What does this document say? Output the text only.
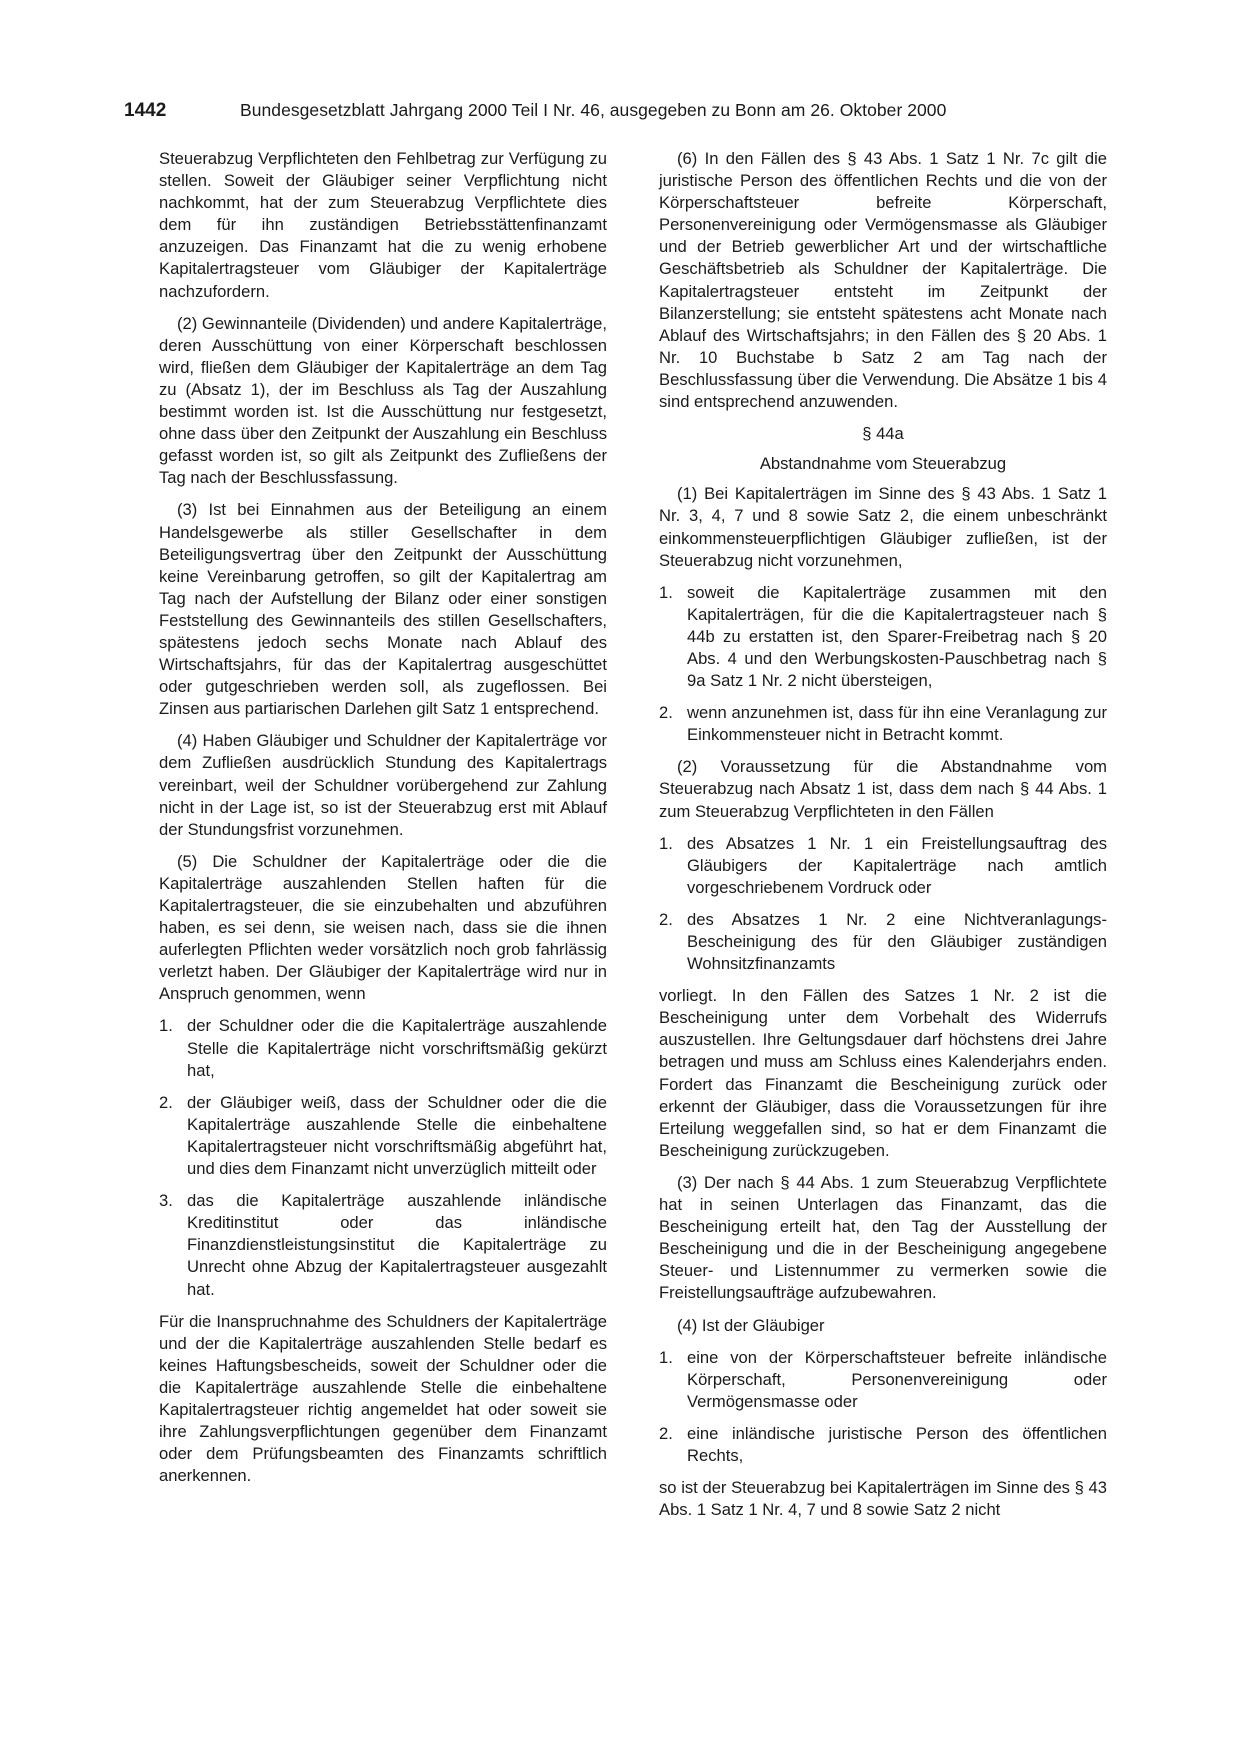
1442	Bundesgesetzblatt Jahrgang 2000 Teil I Nr. 46, ausgegeben zu Bonn am 26. Oktober 2000

Steuerabzug Verpflichteten den Fehlbetrag zur Verfügung zu stellen. Soweit der Gläubiger seiner Verpflichtung nicht nachkommt, hat der zum Steuerabzug Verpflichtete dies dem für ihn zuständigen Betriebsstättenfinanzamt anzuzeigen. Das Finanzamt hat die zu wenig erhobene Kapitalertragsteuer vom Gläubiger der Kapitalerträge nachzufordern.

(2) Gewinnanteile (Dividenden) und andere Kapitalerträge, deren Ausschüttung von einer Körperschaft beschlossen wird, fließen dem Gläubiger der Kapitalerträge an dem Tag zu (Absatz 1), der im Beschluss als Tag der Auszahlung bestimmt worden ist. Ist die Ausschüttung nur festgesetzt, ohne dass über den Zeitpunkt der Auszahlung ein Beschluss gefasst worden ist, so gilt als Zeitpunkt des Zufließens der Tag nach der Beschlussfassung.

(3) Ist bei Einnahmen aus der Beteiligung an einem Handelsgewerbe als stiller Gesellschafter in dem Beteiligungsvertrag über den Zeitpunkt der Ausschüttung keine Vereinbarung getroffen, so gilt der Kapitalertrag am Tag nach der Aufstellung der Bilanz oder einer sonstigen Feststellung des Gewinnanteils des stillen Gesellschafters, spätestens jedoch sechs Monate nach Ablauf des Wirtschaftsjahrs, für das der Kapitalertrag ausgeschüttet oder gutgeschrieben werden soll, als zugeflossen. Bei Zinsen aus partiarischen Darlehen gilt Satz 1 entsprechend.

(4) Haben Gläubiger und Schuldner der Kapitalerträge vor dem Zufließen ausdrücklich Stundung des Kapitalertrags vereinbart, weil der Schuldner vorübergehend zur Zahlung nicht in der Lage ist, so ist der Steuerabzug erst mit Ablauf der Stundungsfrist vorzunehmen.

(5) Die Schuldner der Kapitalerträge oder die die Kapitalerträge auszahlenden Stellen haften für die Kapitalertragsteuer, die sie einzubehalten und abzuführen haben, es sei denn, sie weisen nach, dass sie die ihnen auferlegten Pflichten weder vorsätzlich noch grob fahrlässig verletzt haben. Der Gläubiger der Kapitalerträge wird nur in Anspruch genommen, wenn

1. der Schuldner oder die die Kapitalerträge auszahlende Stelle die Kapitalerträge nicht vorschriftsmäßig gekürzt hat,
2. der Gläubiger weiß, dass der Schuldner oder die die Kapitalerträge auszahlende Stelle die einbehaltene Kapitalertragsteuer nicht vorschriftsmäßig abgeführt hat, und dies dem Finanzamt nicht unverzüglich mitteilt oder
3. das die Kapitalerträge auszahlende inländische Kreditinstitut oder das inländische Finanzdienstleistungsinstitut die Kapitalerträge zu Unrecht ohne Abzug der Kapitalertragsteuer ausgezahlt hat.

Für die Inanspruchnahme des Schuldners der Kapitalerträge und der die Kapitalerträge auszahlenden Stelle bedarf es keines Haftungsbescheids, soweit der Schuldner oder die die Kapitalerträge auszahlende Stelle die einbehaltene Kapitalertragsteuer richtig angemeldet hat oder soweit sie ihre Zahlungsverpflichtungen gegenüber dem Finanzamt oder dem Prüfungsbeamten des Finanzamts schriftlich anerkennen.

(6) In den Fällen des § 43 Abs. 1 Satz 1 Nr. 7c gilt die juristische Person des öffentlichen Rechts und die von der Körperschaftsteuer befreite Körperschaft, Personenvereinigung oder Vermögensmasse als Gläubiger und der Betrieb gewerblicher Art und der wirtschaftliche Geschäftsbetrieb als Schuldner der Kapitalerträge. Die Kapitalertragsteuer entsteht im Zeitpunkt der Bilanzerstellung; sie entsteht spätestens acht Monate nach Ablauf des Wirtschaftsjahrs; in den Fällen des § 20 Abs. 1 Nr. 10 Buchstabe b Satz 2 am Tag nach der Beschlussfassung über die Verwendung. Die Absätze 1 bis 4 sind entsprechend anzuwenden.

§ 44a

Abstandnahme vom Steuerabzug

(1) Bei Kapitalerträgen im Sinne des § 43 Abs. 1 Satz 1 Nr. 3, 4, 7 und 8 sowie Satz 2, die einem unbeschränkt einkommensteuerpflichtigen Gläubiger zufließen, ist der Steuerabzug nicht vorzunehmen,

1. soweit die Kapitalerträge zusammen mit den Kapitalerträgen, für die die Kapitalertragsteuer nach § 44b zu erstatten ist, den Sparer-Freibetrag nach § 20 Abs. 4 und den Werbungskosten-Pauschbetrag nach § 9a Satz 1 Nr. 2 nicht übersteigen,
2. wenn anzunehmen ist, dass für ihn eine Veranlagung zur Einkommensteuer nicht in Betracht kommt.

(2) Voraussetzung für die Abstandnahme vom Steuerabzug nach Absatz 1 ist, dass dem nach § 44 Abs. 1 zum Steuerabzug Verpflichteten in den Fällen

1. des Absatzes 1 Nr. 1 ein Freistellungsauftrag des Gläubigers der Kapitalerträge nach amtlich vorgeschriebenem Vordruck oder
2. des Absatzes 1 Nr. 2 eine Nichtveranlagungs-Bescheinigung des für den Gläubiger zuständigen Wohnsitzfinanzamts

vorliegt. In den Fällen des Satzes 1 Nr. 2 ist die Bescheinigung unter dem Vorbehalt des Widerrufs auszustellen. Ihre Geltungsdauer darf höchstens drei Jahre betragen und muss am Schluss eines Kalenderjahrs enden. Fordert das Finanzamt die Bescheinigung zurück oder erkennt der Gläubiger, dass die Voraussetzungen für ihre Erteilung weggefallen sind, so hat er dem Finanzamt die Bescheinigung zurückzugeben.

(3) Der nach § 44 Abs. 1 zum Steuerabzug Verpflichtete hat in seinen Unterlagen das Finanzamt, das die Bescheinigung erteilt hat, den Tag der Ausstellung der Bescheinigung und die in der Bescheinigung angegebene Steuer- und Listennummer zu vermerken sowie die Freistellungsaufträge aufzubewahren.

(4) Ist der Gläubiger

1. eine von der Körperschaftsteuer befreite inländische Körperschaft, Personenvereinigung oder Vermögensmasse oder
2. eine inländische juristische Person des öffentlichen Rechts,

so ist der Steuerabzug bei Kapitalerträgen im Sinne des § 43 Abs. 1 Satz 1 Nr. 4, 7 und 8 sowie Satz 2 nicht
